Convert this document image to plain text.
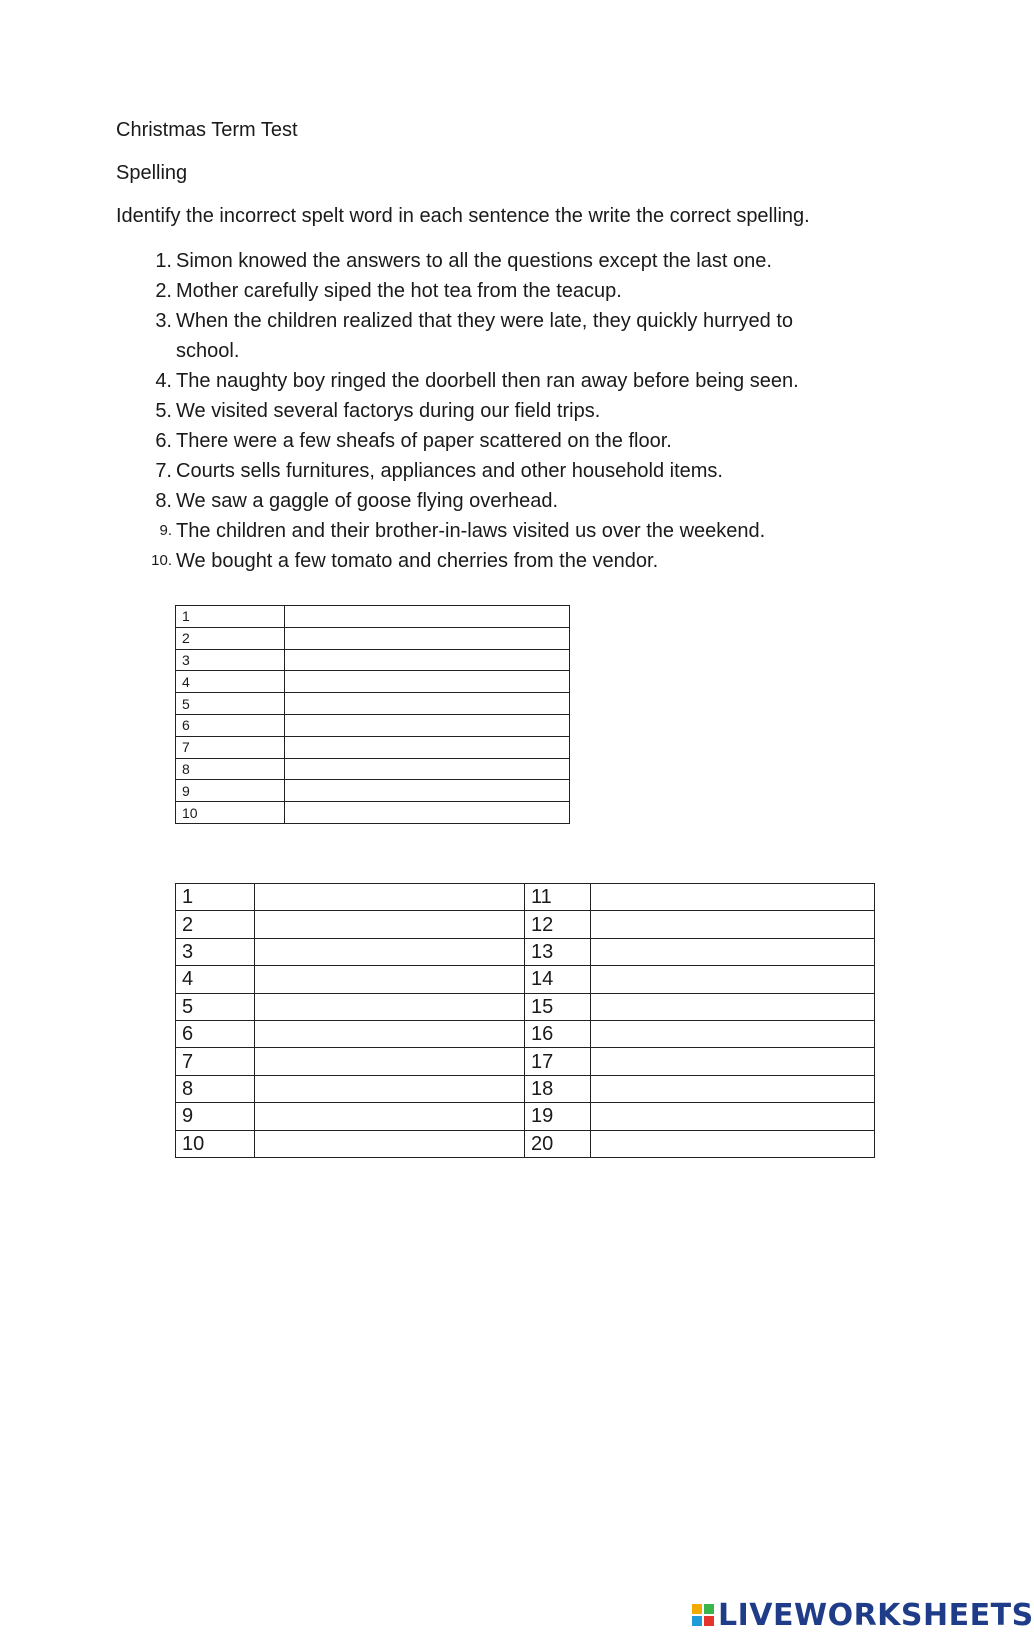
Christmas Term Test

Spelling

Identify the incorrect spelt word in each sentence the write the correct spelling.

1. Simon knowed the answers to all the questions except the last one.
2. Mother carefully siped the hot tea from the teacup.
3. When the children realized that they were late, they quickly hurryed to school.
4. The naughty boy ringed the doorbell then ran away before being seen.
5. We visited several factorys during our field trips.
6. There were a few sheafs of paper scattered on the floor.
7. Courts sells furnitures, appliances and other household items.
8. We saw a gaggle of goose flying overhead.
9. The children and their brother-in-laws visited us over the weekend.
10. We bought a few tomato and cherries from the vendor.
1	
2	
3	
4	
5	
6	
7	
8	
9	
10	
1		11	
2		12	
3		13	
4		14	
5		15	
6		16	
7		17	
8		18	
9		19	
10		20	
LIVEWORKSHEETS
